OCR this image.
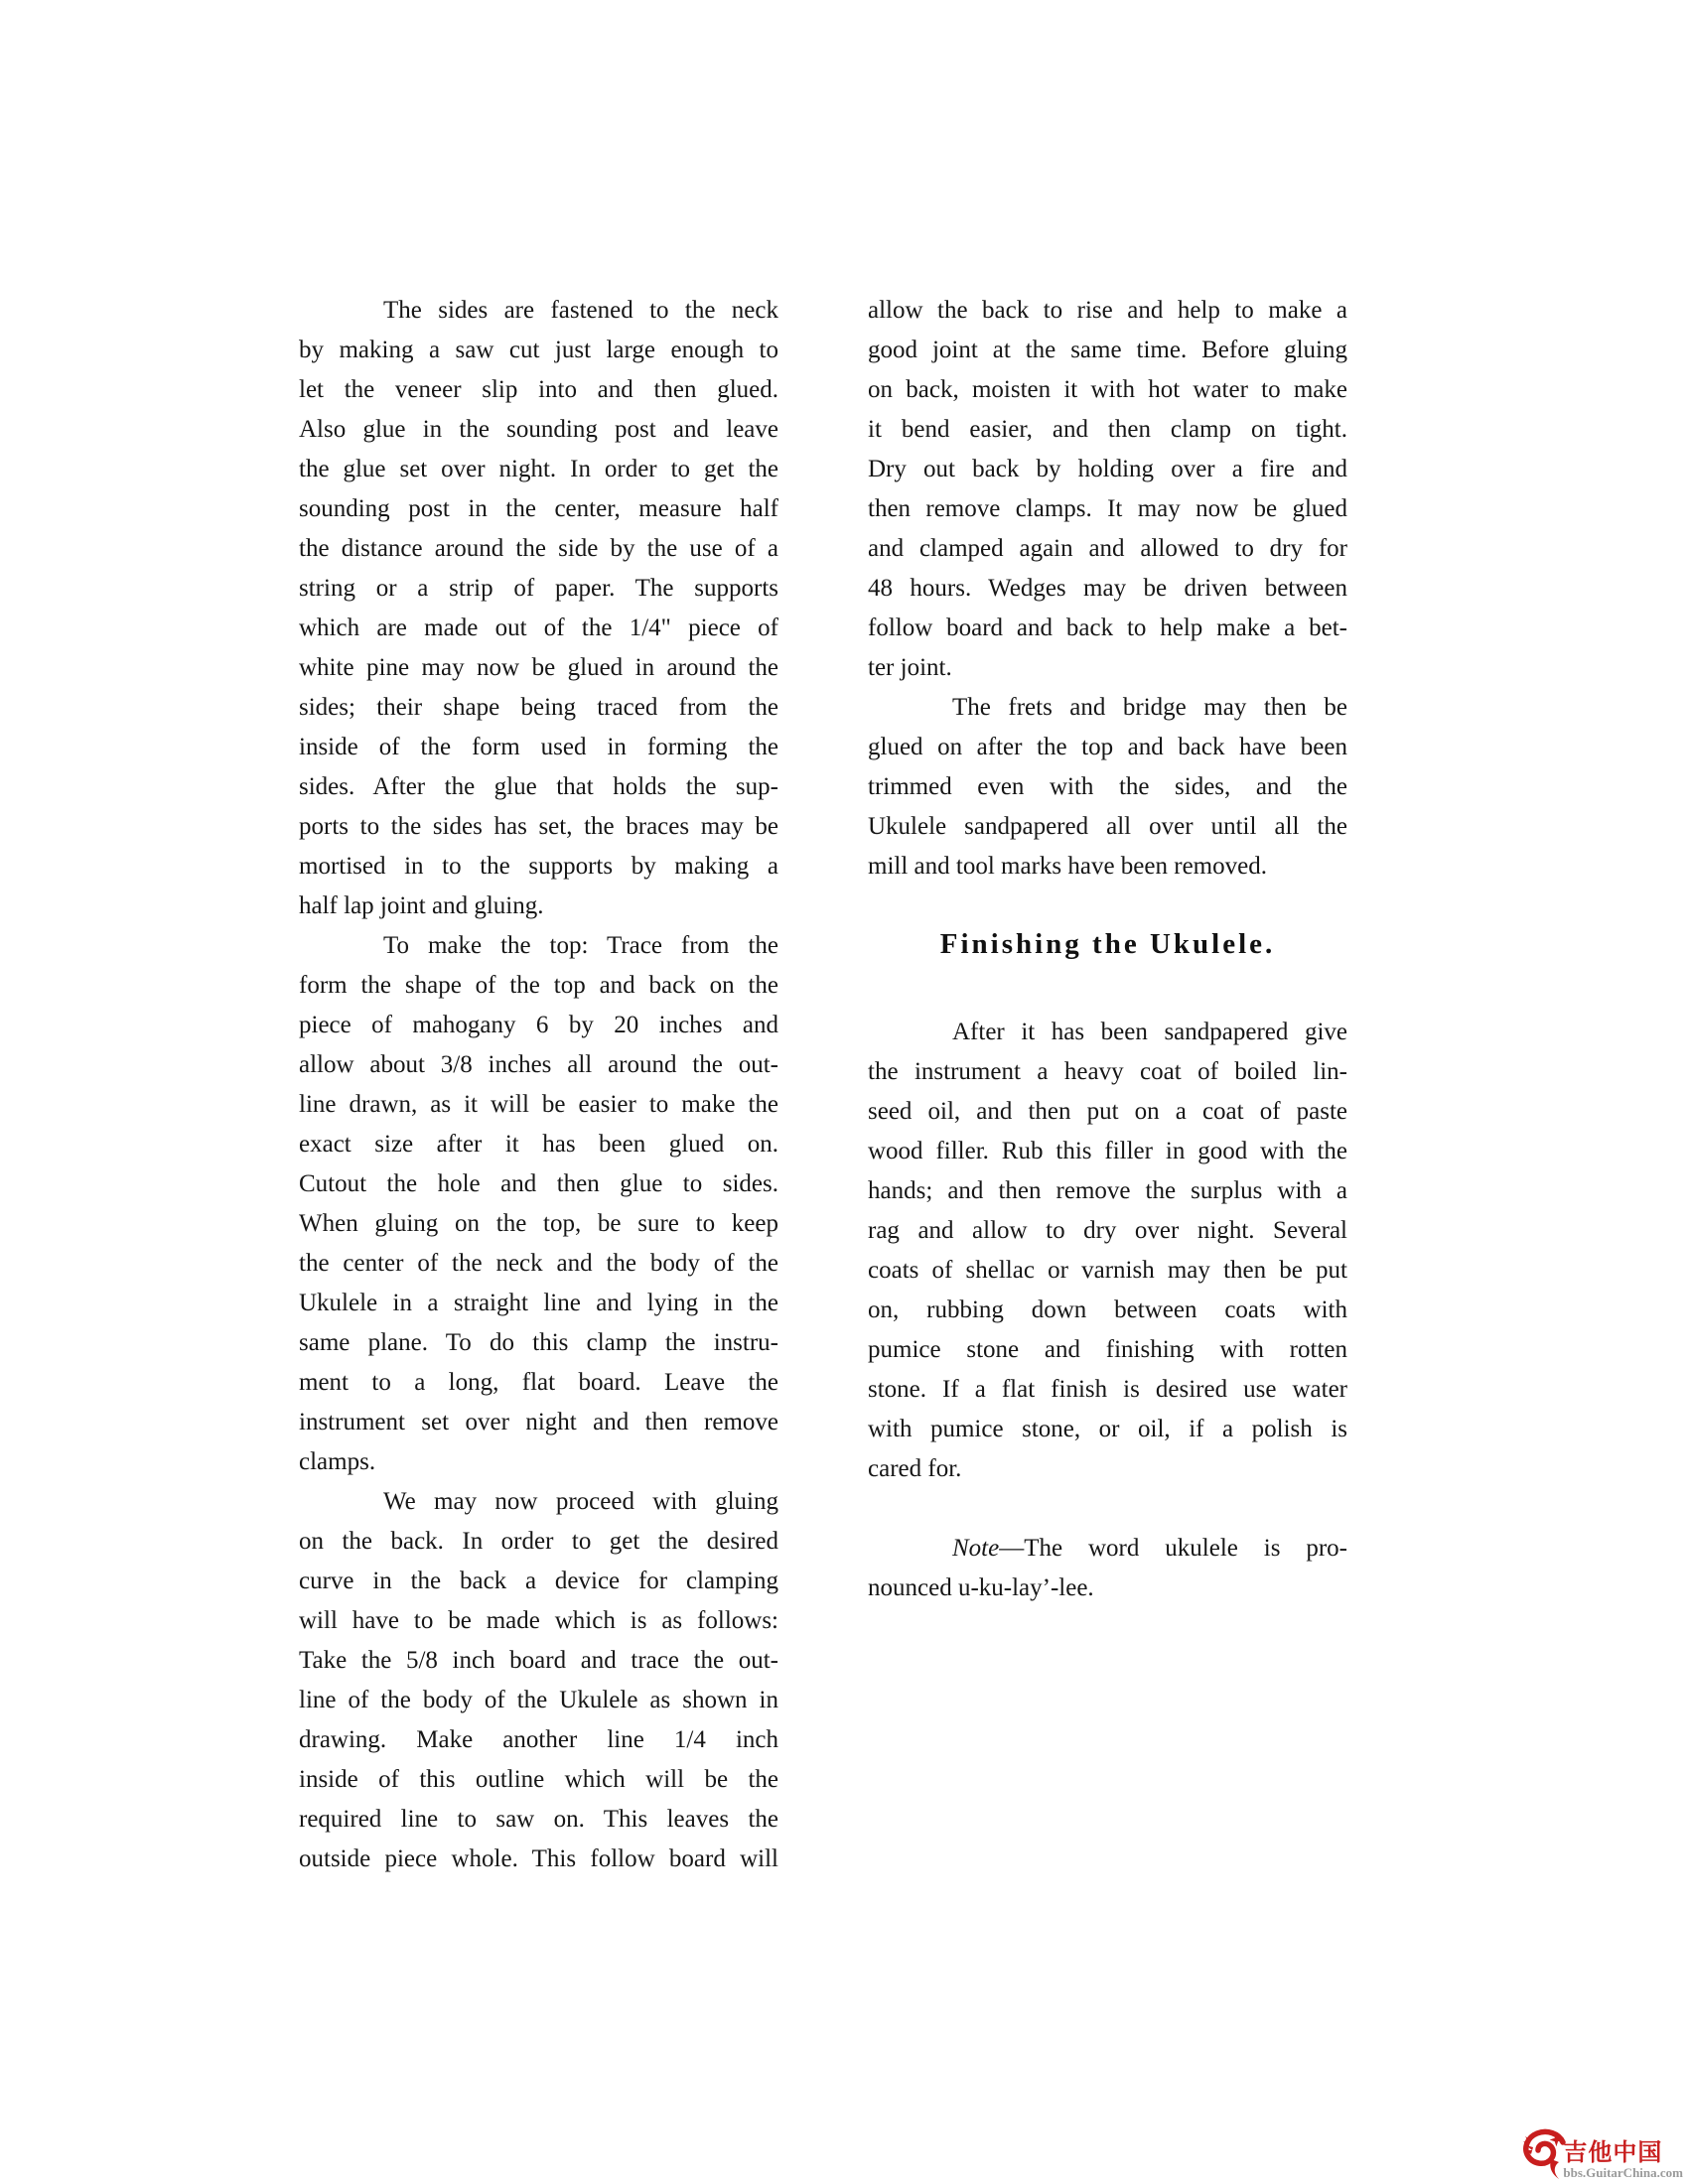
The sides are fastened to the neck
by making a saw cut just large enough to
let the veneer slip into and then glued.
Also glue in the sounding post and leave
the glue set over night. In order to get the
sounding post in the center, measure half
the distance around the side by the use of a
string or a strip of paper. The supports
which are made out of the 1/4" piece of
white pine may now be glued in around the
sides; their shape being traced from the
inside of the form used in forming the
sides. After the glue that holds the sup-
ports to the sides has set, the braces may be
mortised in to the supports by making a
half lap joint and gluing.
To make the top: Trace from the
form the shape of the top and back on the
piece of mahogany 6 by 20 inches and
allow about 3/8 inches all around the out-
line drawn, as it will be easier to make the
exact size after it has been glued on.
Cutout the hole and then glue to sides.
When gluing on the top, be sure to keep
the center of the neck and the body of the
Ukulele in a straight line and lying in the
same plane. To do this clamp the instru-
ment to a long, flat board. Leave the
instrument set over night and then remove
clamps.
We may now proceed with gluing
on the back. In order to get the desired
curve in the back a device for clamping
will have to be made which is as follows:
Take the 5/8 inch board and trace the out-
line of the body of the Ukulele as shown in
drawing. Make another line 1/4 inch
inside of this outline which will be the
required line to saw on. This leaves the
outside piece whole. This follow board will
allow the back to rise and help to make a
good joint at the same time. Before gluing
on back, moisten it with hot water to make
it bend easier, and then clamp on tight.
Dry out back by holding over a fire and
then remove clamps. It may now be glued
and clamped again and allowed to dry for
48 hours. Wedges may be driven between
follow board and back to help make a bet-
ter joint.
The frets and bridge may then be
glued on after the top and back have been
trimmed even with the sides, and the
Ukulele sandpapered all over until all the
mill and tool marks have been removed.
Finishing the Ukulele.
After it has been sandpapered give
the instrument a heavy coat of boiled lin-
seed oil, and then put on a coat of paste
wood filler. Rub this filler in good with the
hands; and then remove the surplus with a
rag and allow to dry over night. Several
coats of shellac or varnish may then be put
on, rubbing down between coats with
pumice stone and finishing with rotten
stone. If a flat finish is desired use water
with pumice stone, or oil, if a polish is
cared for.
Note—The word ukulele is pro-
nounced u-ku-lay’-lee.
吉他中国
bbs.GuitarChina.com
